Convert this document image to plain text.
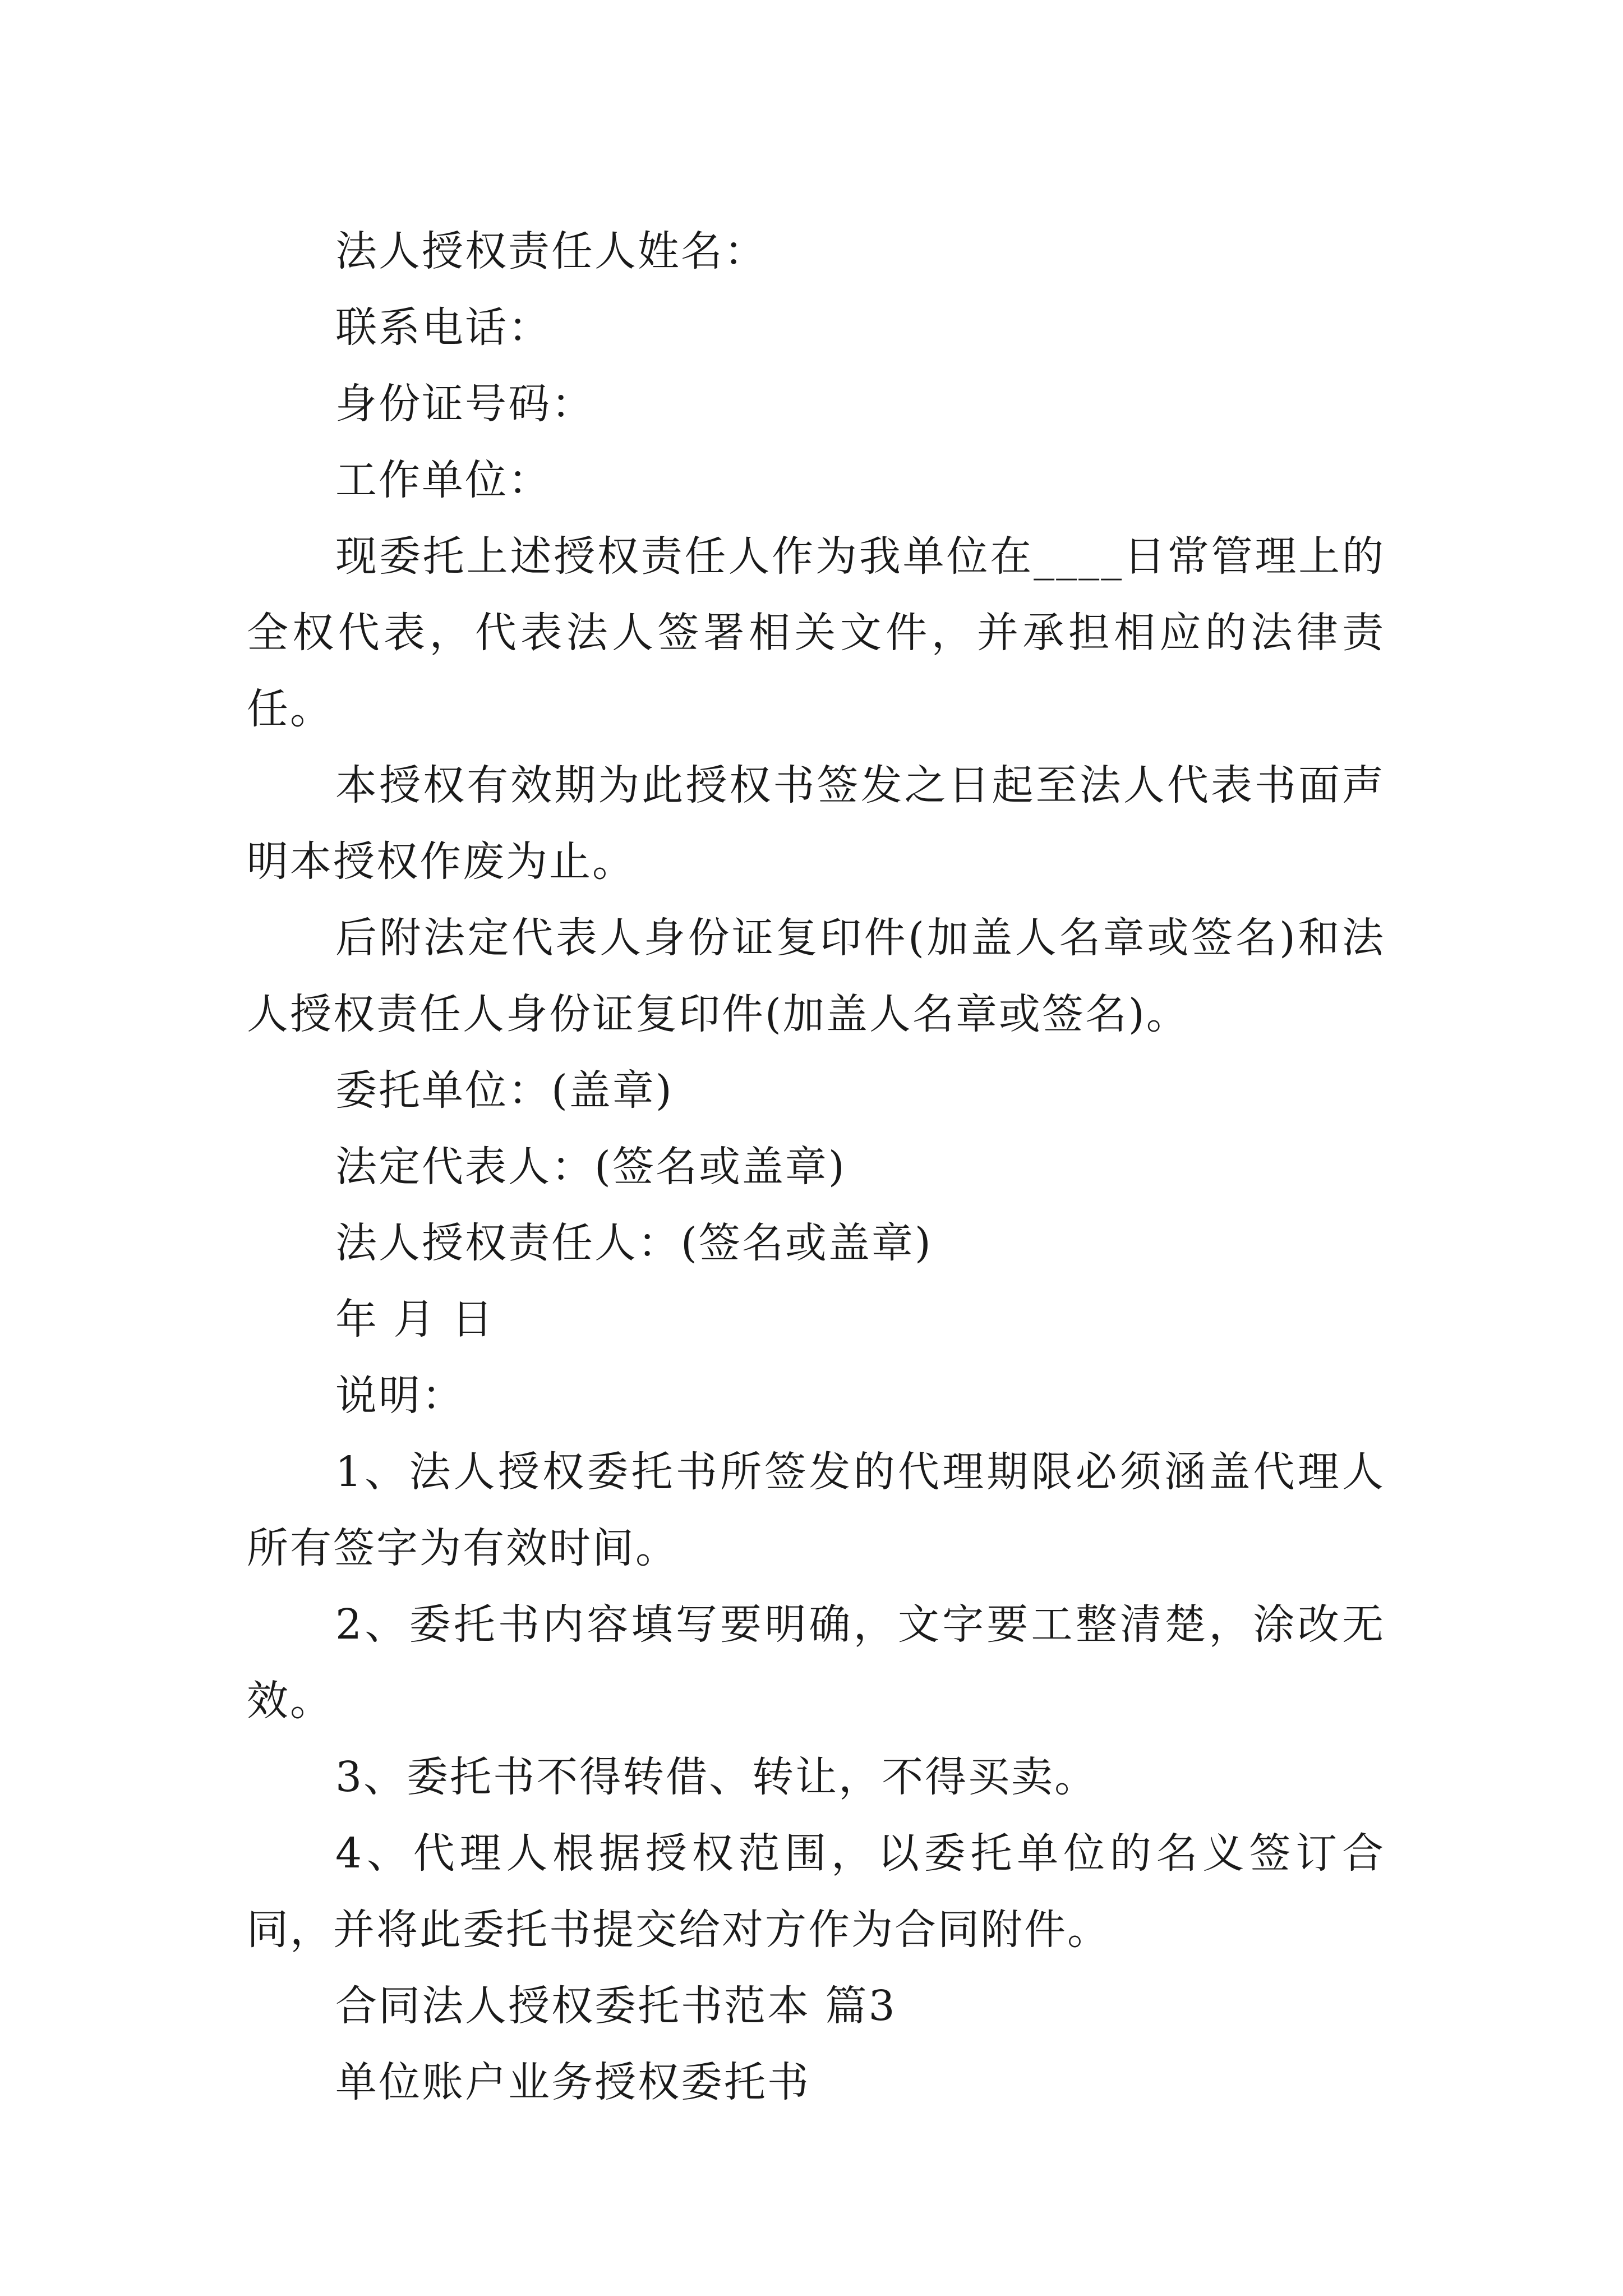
法人授权责任人姓名：

联系电话：

身份证号码：

工作单位：

现委托上述授权责任人作为我单位在____日常管理上的全权代表，代表法人签署相关文件，并承担相应的法律责任。

本授权有效期为此授权书签发之日起至法人代表书面声明本授权作废为止。

后附法定代表人身份证复印件(加盖人名章或签名)和法人授权责任人身份证复印件(加盖人名章或签名)。

委托单位：(盖章)

法定代表人：(签名或盖章)

法人授权责任人：(签名或盖章)

年 月 日

说明：

1、法人授权委托书所签发的代理期限必须涵盖代理人所有签字为有效时间。

2、委托书内容填写要明确，文字要工整清楚，涂改无效。

3、委托书不得转借、转让，不得买卖。

4、代理人根据授权范围，以委托单位的名义签订合同，并将此委托书提交给对方作为合同附件。

合同法人授权委托书范本 篇3

单位账户业务授权委托书
